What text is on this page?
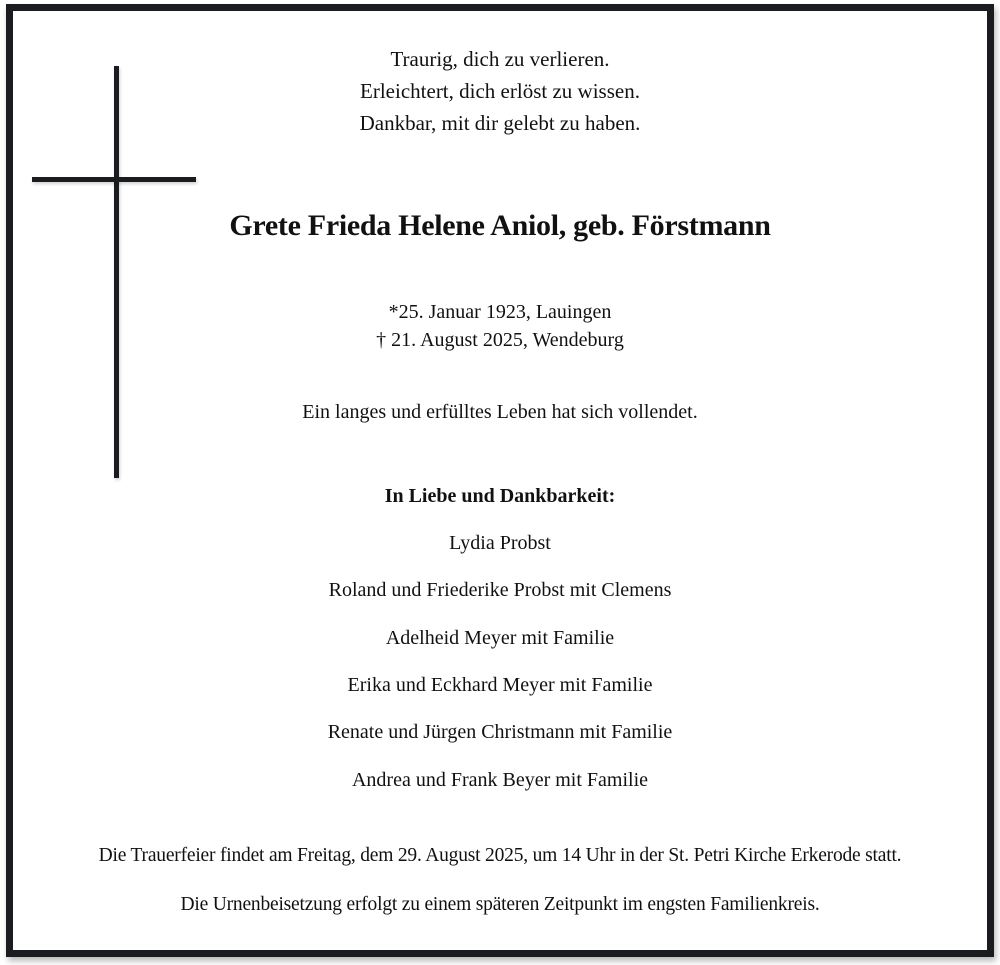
Traurig, dich zu verlieren.
Erleichtert, dich erlöst zu wissen.
Dankbar, mit dir gelebt zu haben.
Grete Frieda Helene Aniol, geb. Förstmann
*25. Januar 1923, Lauingen
† 21. August 2025, Wendeburg
Ein langes und erfülltes Leben hat sich vollendet.
In Liebe und Dankbarkeit:
Lydia Probst
Roland und Friederike Probst mit Clemens
Adelheid Meyer mit Familie
Erika und Eckhard Meyer mit Familie
Renate und Jürgen Christmann mit Familie
Andrea und Frank Beyer mit Familie
Die Trauerfeier findet am Freitag, dem 29. August 2025, um 14 Uhr in der St. Petri Kirche Erkerode statt.
Die Urnenbeisetzung erfolgt zu einem späteren Zeitpunkt im engsten Familienkreis.
